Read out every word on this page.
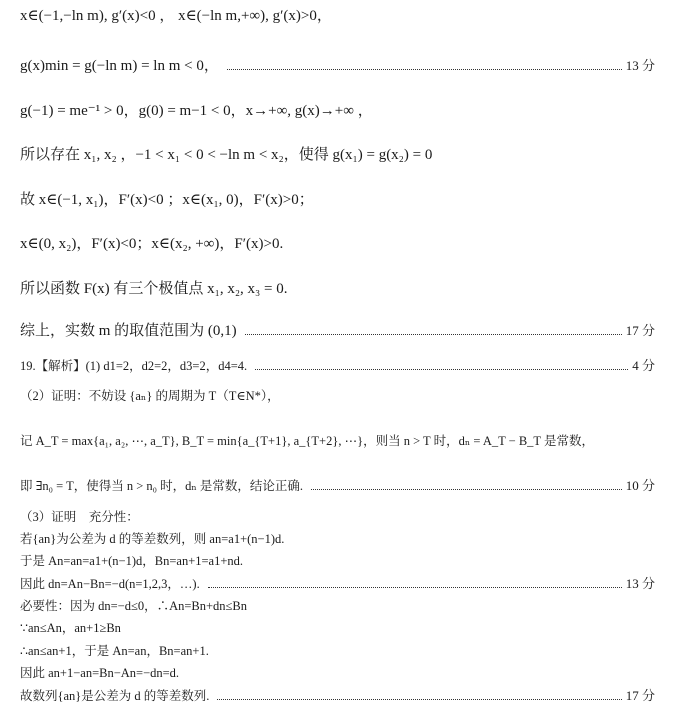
x∈(−1,−ln m), g′(x)<0 ， x∈(−ln m,+∞), g′(x)>0，
g(x)min = g(−ln m) = ln m < 0，	13 分
g(−1) = me⁻¹ > 0，g(0) = m−1 < 0，x→+∞, g(x)→+∞ ，
所以存在 x₁, x₂ ，−1 < x₁ < 0 < −ln m < x₂，使得 g(x₁) = g(x₂) = 0
故 x∈(−1, x₁)，F′(x)<0 ；x∈(x₁, 0)，F′(x)>0；
x∈(0, x₂)，F′(x)<0；x∈(x₂, +∞)，F′(x)>0.
所以函数 F(x) 有三个极值点 x₁, x₂, x₃ = 0.
综上，实数 m 的取值范围为 (0,1)	17 分
19.【解析】(1) d1=2，d2=2，d3=2，d4=4.	4 分
（2）证明：不妨设 {aₙ} 的周期为 T（T∈N*），
记 A_T = max{a₁, a₂, ⋯, a_T}, B_T = min{a_{T+1}, a_{T+2}, ⋯}，则当 n > T 时，dₙ = A_T − B_T 是常数，
即 ∃n₀ = T，使得当 n > n₀ 时，dₙ 是常数，结论正确.	10 分
（3）证明　充分性：
若{an}为公差为 d 的等差数列，则 an=a1+(n−1)d.
于是 An=an=a1+(n−1)d，Bn=an+1=a1+nd.
因此 dn=An−Bn=−d(n=1,2,3，…).	13 分
必要性：因为 dn=−d≤0，∴An=Bn+dn≤Bn
∵an≤An，an+1≥Bn
∴an≤an+1，于是 An=an，Bn=an+1.
因此 an+1−an=Bn−An=−dn=d.
故数列{an}是公差为 d 的等差数列.	17 分
